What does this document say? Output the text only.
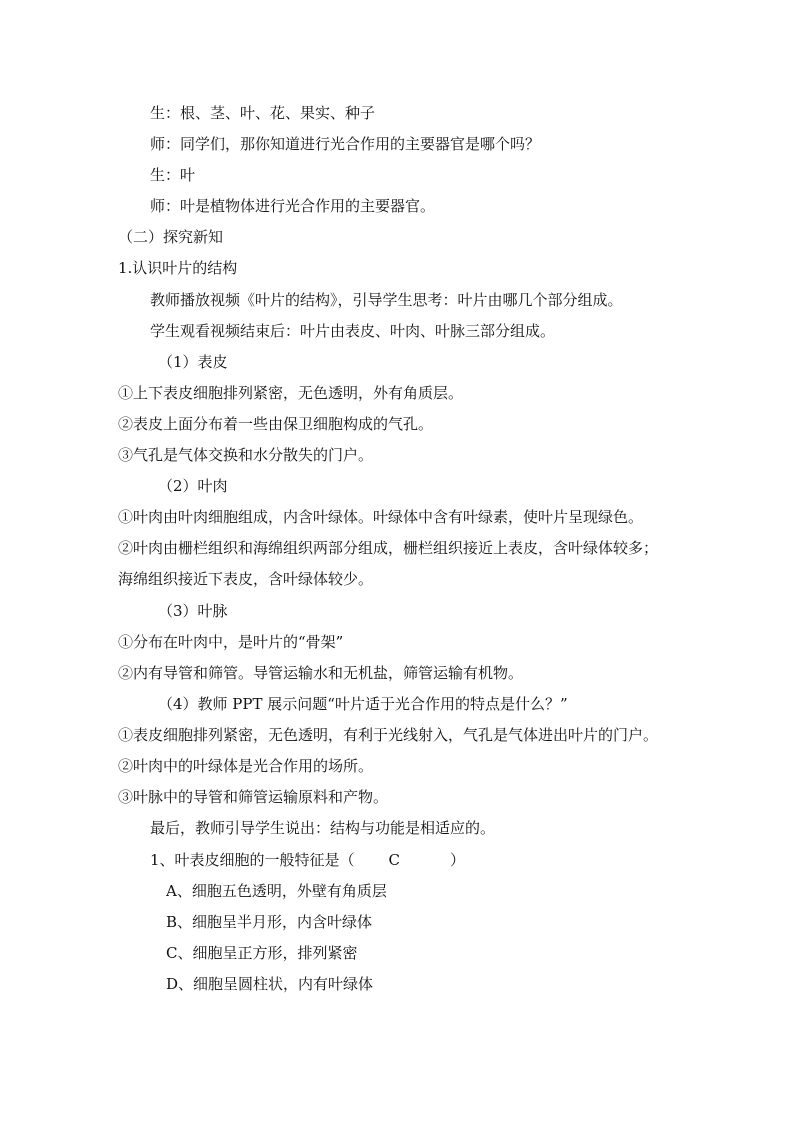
生：根、茎、叶、花、果实、种子
师：同学们，那你知道进行光合作用的主要器官是哪个吗？
生：叶
师：叶是植物体进行光合作用的主要器官。
（二）探究新知
1.认识叶片的结构
教师播放视频《叶片的结构》，引导学生思考：叶片由哪几个部分组成。
学生观看视频结束后：叶片由表皮、叶肉、叶脉三部分组成。
（1）表皮
①上下表皮细胞排列紧密，无色透明，外有角质层。
②表皮上面分布着一些由保卫细胞构成的气孔。
③气孔是气体交换和水分散失的门户。
（2）叶肉
①叶肉由叶肉细胞组成，内含叶绿体。叶绿体中含有叶绿素，使叶片呈现绿色。
②叶肉由栅栏组织和海绵组织两部分组成，栅栏组织接近上表皮，含叶绿体较多；
海绵组织接近下表皮，含叶绿体较少。
（3）叶脉
①分布在叶肉中，是叶片的“骨架”
②内有导管和筛管。导管运输水和无机盐，筛管运输有机物。
（4）教师 PPT 展示问题“叶片适于光合作用的特点是什么？”
①表皮细胞排列紧密，无色透明，有利于光线射入，气孔是气体进出叶片的门户。
②叶肉中的叶绿体是光合作用的场所。
③叶脉中的导管和筛管运输原料和产物。
最后，教师引导学生说出：结构与功能是相适应的。
1、叶表皮细胞的一般特征是（ C	）
A、细胞五色透明，外壁有角质层
B、细胞呈半月形，内含叶绿体
C、细胞呈正方形，排列紧密
D、细胞呈圆柱状，内有叶绿体
